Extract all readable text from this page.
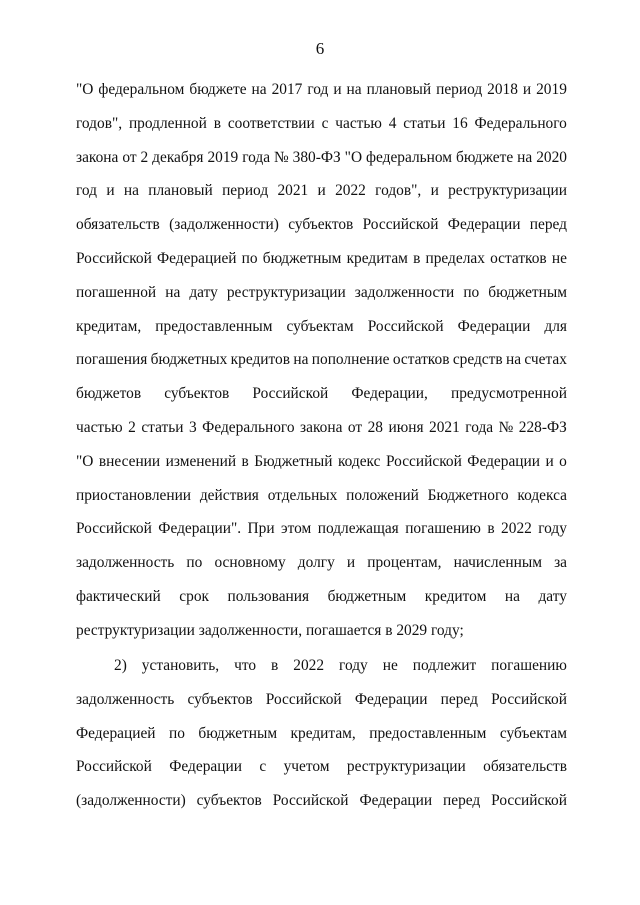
6
"О федеральном бюджете на 2017 год и на плановый период 2018 и 2019
годов", продленной в соответствии с частью 4 статьи 16 Федерального
закона от 2 декабря 2019 года № 380-ФЗ "О федеральном бюджете на 2020
год и на плановый период 2021 и 2022 годов", и реструктуризации
обязательств (задолженности) субъектов Российской Федерации перед
Российской Федерацией по бюджетным кредитам в пределах остатков не
погашенной на дату реструктуризации задолженности по бюджетным
кредитам, предоставленным субъектам Российской Федерации для
погашения бюджетных кредитов на пополнение остатков средств на счетах
бюджетов субъектов Российской Федерации, предусмотренной
частью 2 статьи 3 Федерального закона от 28 июня 2021 года № 228-ФЗ
"О внесении изменений в Бюджетный кодекс Российской Федерации и о
приостановлении действия отдельных положений Бюджетного кодекса
Российской Федерации". При этом подлежащая погашению в 2022 году
задолженность по основному долгу и процентам, начисленным за
фактический срок пользования бюджетным кредитом на дату
реструктуризации задолженности, погашается в 2029 году;
2) установить, что в 2022 году не подлежит погашению
задолженность субъектов Российской Федерации перед Российской
Федерацией по бюджетным кредитам, предоставленным субъектам
Российской Федерации с учетом реструктуризации обязательств
(задолженности) субъектов Российской Федерации перед Российской
